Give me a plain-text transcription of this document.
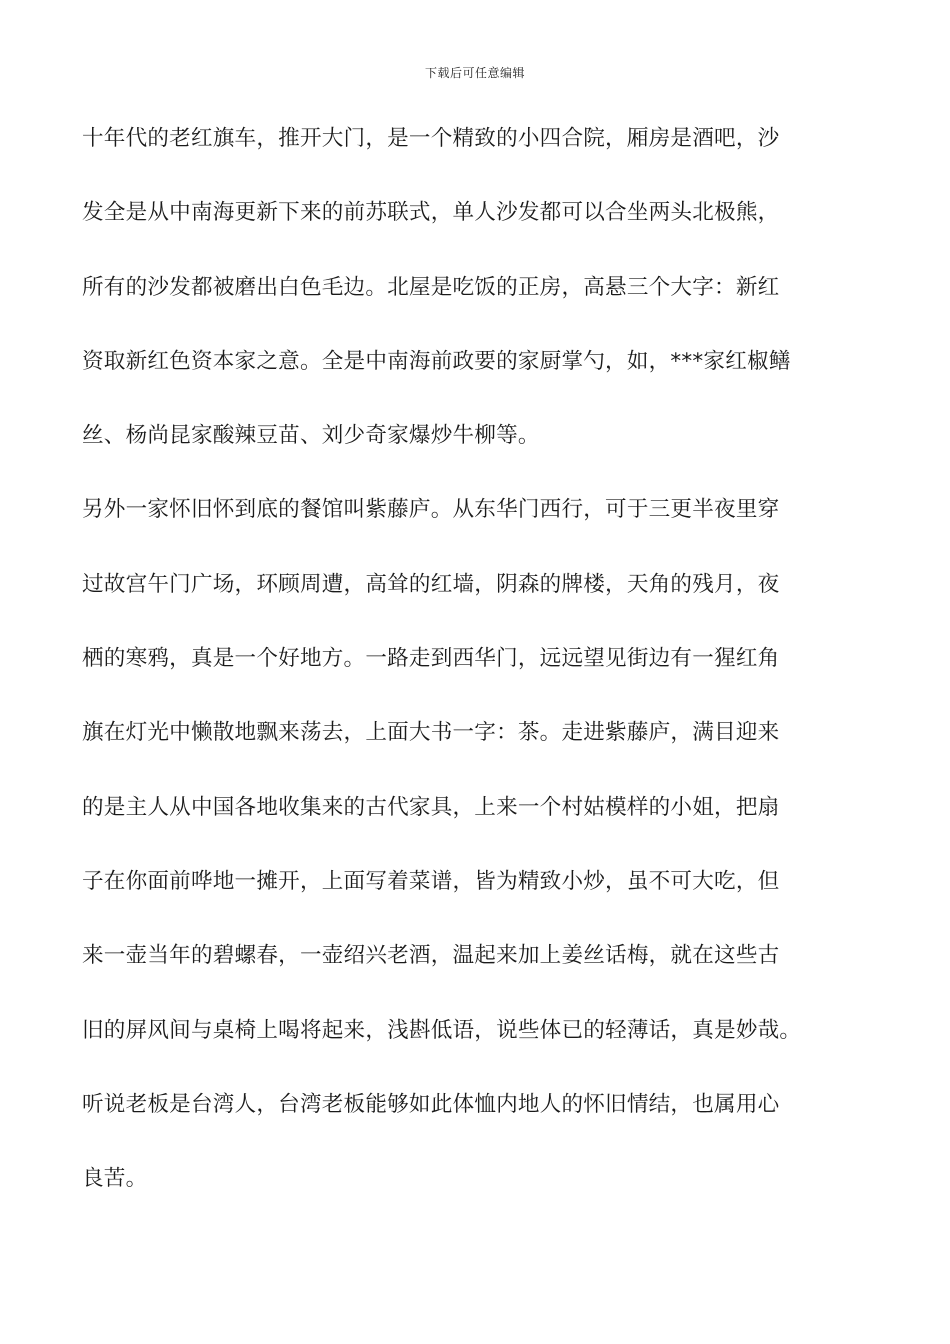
下载后可任意编辑
十年代的老红旗车，推开大门，是一个精致的小四合院，厢房是酒吧，沙
发全是从中南海更新下来的前苏联式，单人沙发都可以合坐两头北极熊，
所有的沙发都被磨出白色毛边。北屋是吃饭的正房，高悬三个大字：新红
资取新红色资本家之意。全是中南海前政要的家厨掌勺，如，***家红椒鳝
丝、杨尚昆家酸辣豆苗、刘少奇家爆炒牛柳等。
另外一家怀旧怀到底的餐馆叫紫藤庐。从东华门西行，可于三更半夜里穿
过故宫午门广场，环顾周遭，高耸的红墙，阴森的牌楼，天角的残月，夜
栖的寒鸦，真是一个好地方。一路走到西华门，远远望见街边有一猩红角
旗在灯光中懒散地飘来荡去，上面大书一字：茶。走进紫藤庐，满目迎来
的是主人从中国各地收集来的古代家具，上来一个村姑模样的小姐，把扇
子在你面前哗地一摊开，上面写着菜谱，皆为精致小炒，虽不可大吃，但
来一壶当年的碧螺春，一壶绍兴老酒，温起来加上姜丝话梅，就在这些古
旧的屏风间与桌椅上喝将起来，浅斟低语，说些体已的轻薄话，真是妙哉。
听说老板是台湾人，台湾老板能够如此体恤内地人的怀旧情结，也属用心
良苦。
